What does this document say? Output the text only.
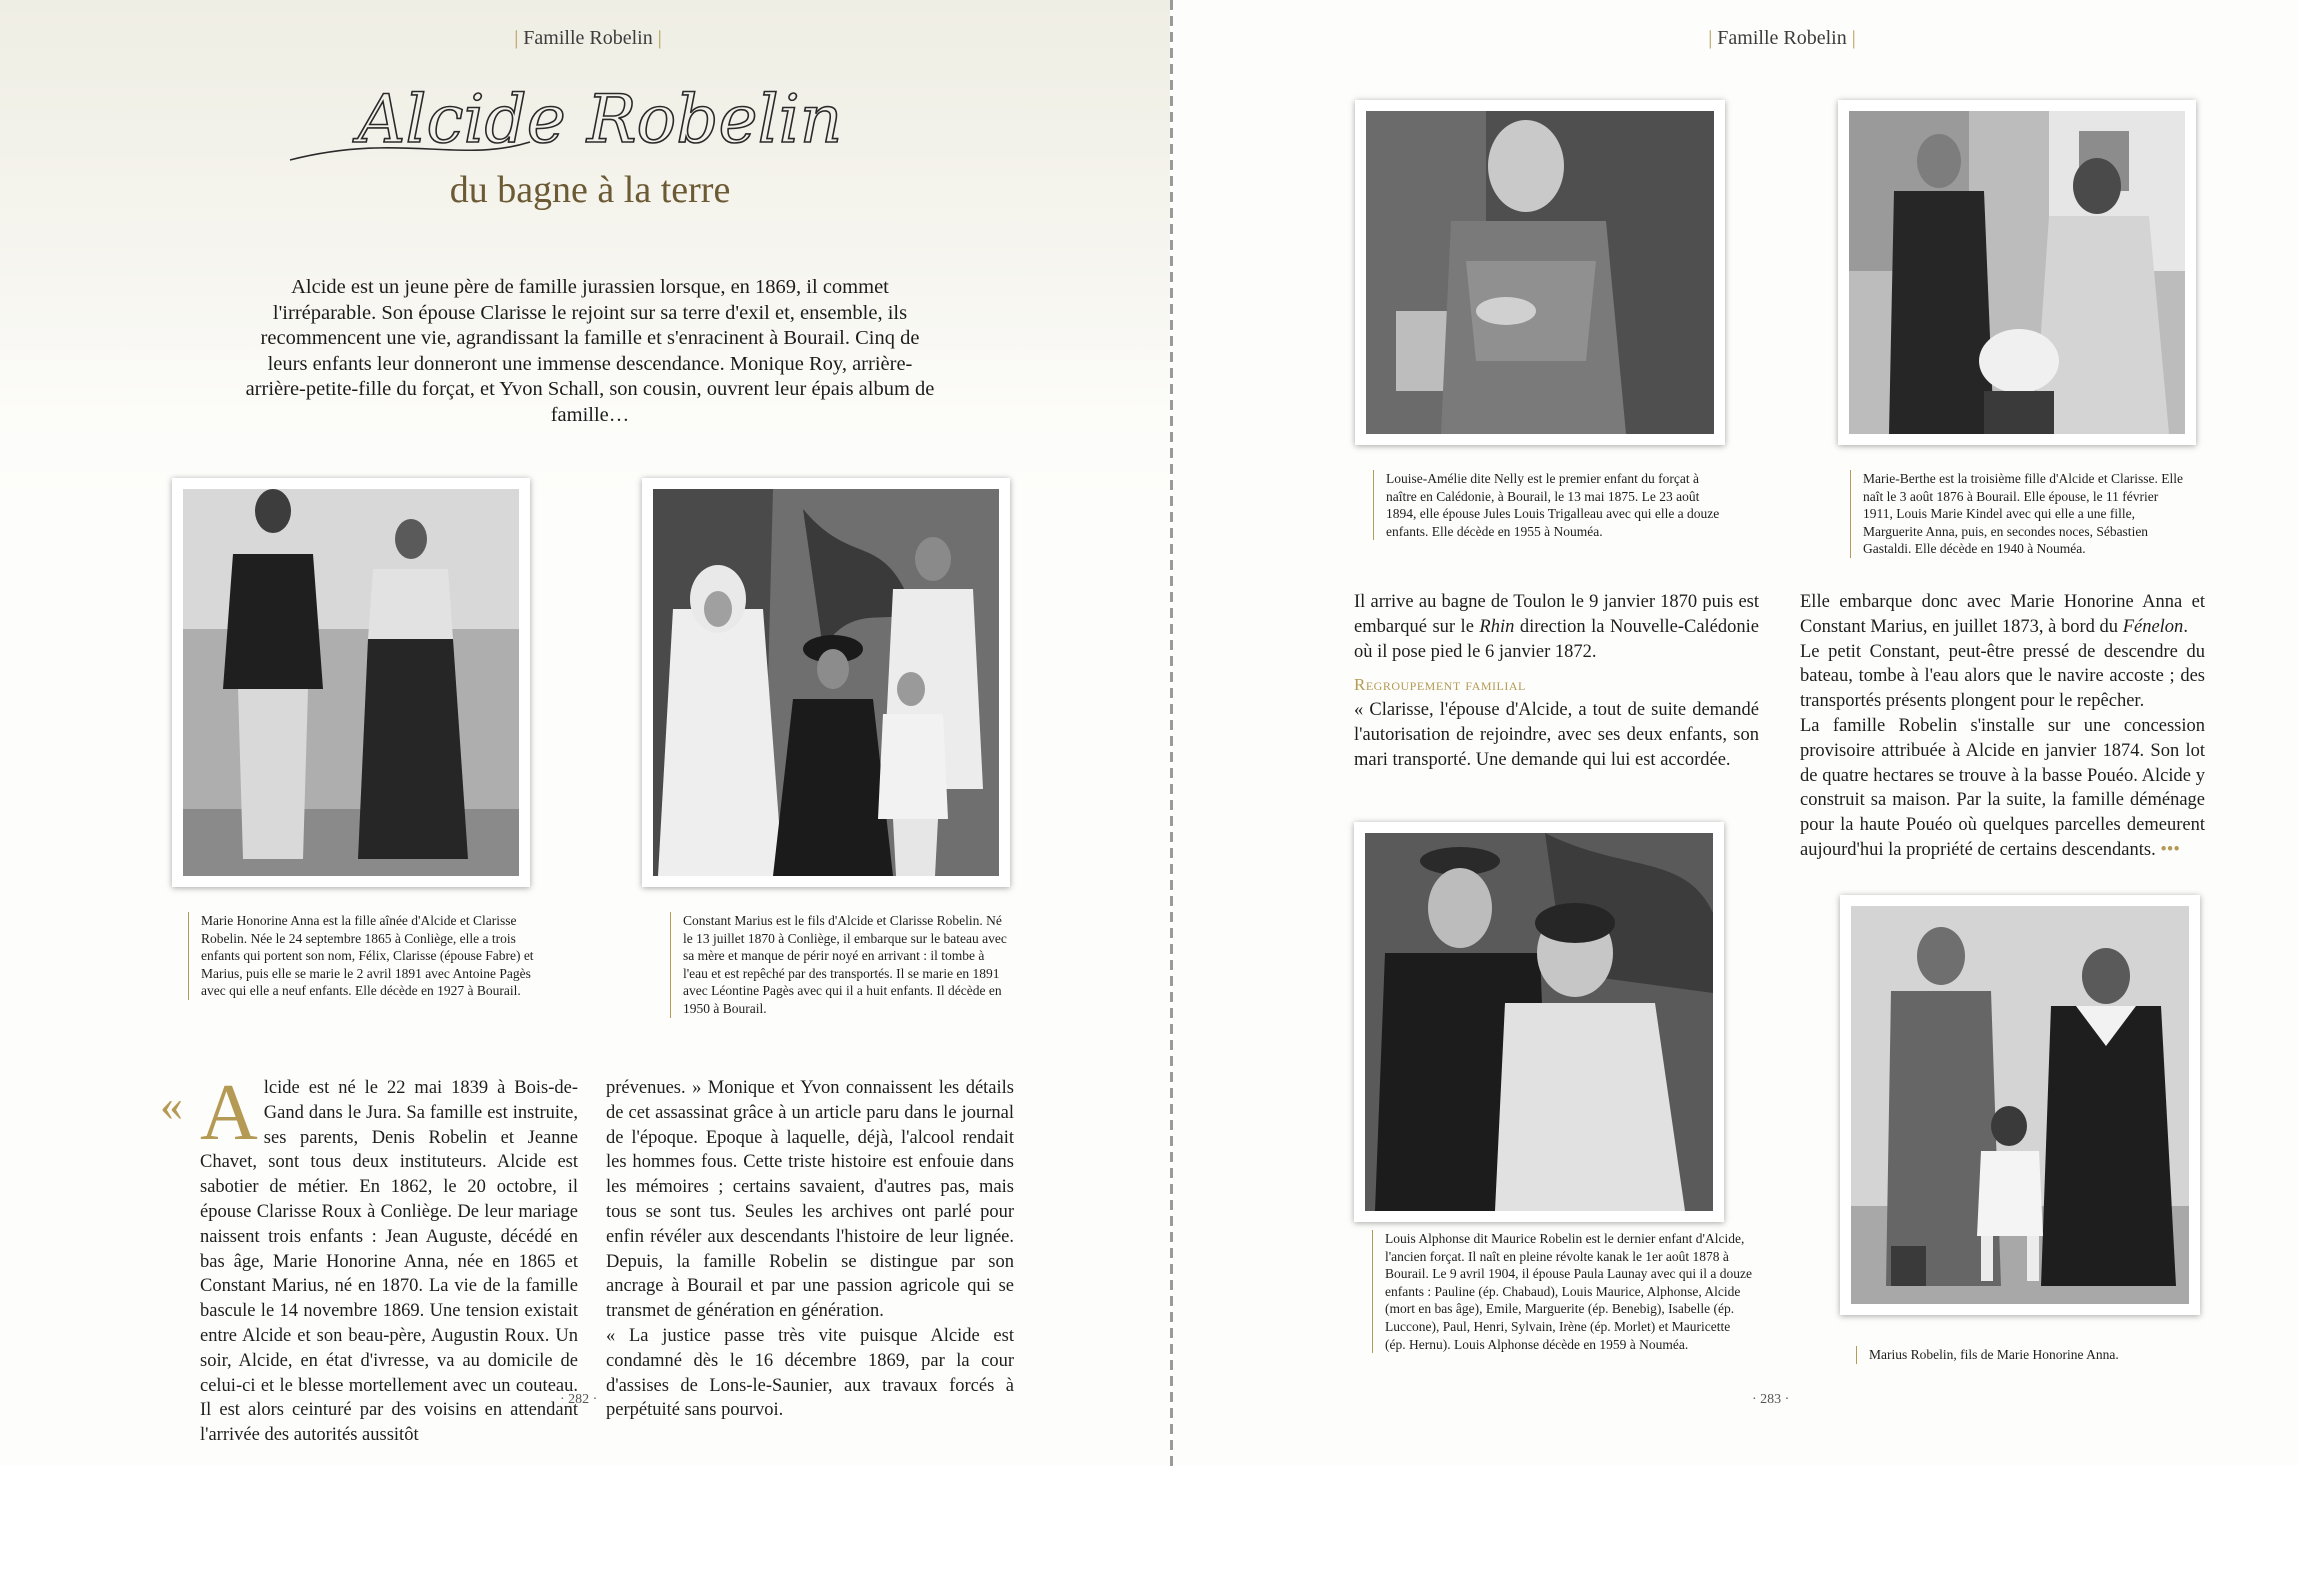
| Famille Robelin |
Alcide Robelin
du bagne à la terre
Alcide est un jeune père de famille jurassien lorsque, en 1869, il commet l'irréparable. Son épouse Clarisse le rejoint sur sa terre d'exil et, ensemble, ils recommencent une vie, agrandissant la famille et s'enracinent à Bourail. Cinq de leurs enfants leur donneront une immense descendance. Monique Roy, arrière-arrière-petite-fille du forçat, et Yvon Schall, son cousin, ouvrent leur épais album de famille…
Marie Honorine Anna est la fille aînée d'Alcide et Clarisse Robelin. Née le 24 septembre 1865 à Conliège, elle a trois enfants qui portent son nom, Félix, Clarisse (épouse Fabre) et Marius, puis elle se marie le 2 avril 1891 avec Antoine Pagès avec qui elle a neuf enfants. Elle décède en 1927 à Bourail.
Constant Marius est le fils d'Alcide et Clarisse Robelin. Né le 13 juillet 1870 à Conliège, il embarque sur le bateau avec sa mère et manque de périr noyé en arrivant : il tombe à l'eau et est repêché par des transportés. Il se marie en 1891 avec Léontine Pagès avec qui il a huit enfants. Il décède en 1950 à Bourail.
« Alcide est né le 22 mai 1839 à Bois-de-Gand dans le Jura. Sa famille est instruite, ses parents, Denis Robelin et Jeanne Chavet, sont tous deux instituteurs. Alcide est sabotier de métier. En 1862, le 20 octobre, il épouse Clarisse Roux à Conliège. De leur mariage naissent trois enfants : Jean Auguste, décédé en bas âge, Marie Honorine Anna, née en 1865 et Constant Marius, né en 1870. La vie de la famille bascule le 14 novembre 1869. Une tension existait entre Alcide et son beau-père, Augustin Roux. Un soir, Alcide, en état d'ivresse, va au domicile de celui-ci et le blesse mortellement avec un couteau. Il est alors ceinturé par des voisins en attendant l'arrivée des autorités aussitôt

prévenues. » Monique et Yvon connaissent les détails de cet assassinat grâce à un article paru dans le journal de l'époque. Epoque à laquelle, déjà, l'alcool rendait les hommes fous. Cette triste histoire est enfouie dans les mémoires ; certains savaient, d'autres pas, mais tous se sont tus. Seules les archives ont parlé pour enfin révéler aux descendants l'histoire de leur lignée. Depuis, la famille Robelin se distingue par son ancrage à Bourail et par une passion agricole qui se transmet de génération en génération.

« La justice passe très vite puisque Alcide est condamné dès le 16 décembre 1869, par la cour d'assises de Lons-le-Saunier, aux travaux forcés à perpétuité sans pourvoi.

· 282 ·
| Famille Robelin |
Louise-Amélie dite Nelly est le premier enfant du forçat à naître en Calédonie, à Bourail, le 13 mai 1875. Le 23 août 1894, elle épouse Jules Louis Trigalleau avec qui elle a douze enfants. Elle décède en 1955 à Nouméa.
Marie-Berthe est la troisième fille d'Alcide et Clarisse. Elle naît le 3 août 1876 à Bourail. Elle épouse, le 11 février 1911, Louis Marie Kindel avec qui elle a une fille, Marguerite Anna, puis, en secondes noces, Sébastien Gastaldi. Elle décède en 1940 à Nouméa.

Il arrive au bagne de Toulon le 9 janvier 1870 puis est embarqué sur le Rhin direction la Nouvelle-Calédonie où il pose pied le 6 janvier 1872.

Regroupement familial

« Clarisse, l'épouse d'Alcide, a tout de suite demandé l'autorisation de rejoindre, avec ses deux enfants, son mari transporté. Une demande qui lui est accordée.

Elle embarque donc avec Marie Honorine Anna et Constant Marius, en juillet 1873, à bord du Fénelon.

Le petit Constant, peut-être pressé de descendre du bateau, tombe à l'eau alors que le navire accoste ; des transportés présents plongent pour le repêcher.

La famille Robelin s'installe sur une concession provisoire attribuée à Alcide en janvier 1874. Son lot de quatre hectares se trouve à la basse Pouéo. Alcide y construit sa maison. Par la suite, la famille déménage pour la haute Pouéo où quelques parcelles demeurent aujourd'hui la propriété de certains descendants. •••

Louis Alphonse dit Maurice Robelin est le dernier enfant d'Alcide, l'ancien forçat. Il naît en pleine révolte kanak le 1er août 1878 à Bourail. Le 9 avril 1904, il épouse Paula Launay avec qui il a douze enfants : Pauline (ép. Chabaud), Louis Maurice, Alphonse, Alcide (mort en bas âge), Emile, Marguerite (ép. Benebig), Isabelle (ép. Luccone), Paul, Henri, Sylvain, Irène (ép. Morlet) et Mauricette (ép. Hernu). Louis Alphonse décède en 1959 à Nouméa.
Marius Robelin, fils de Marie Honorine Anna.
· 283 ·
